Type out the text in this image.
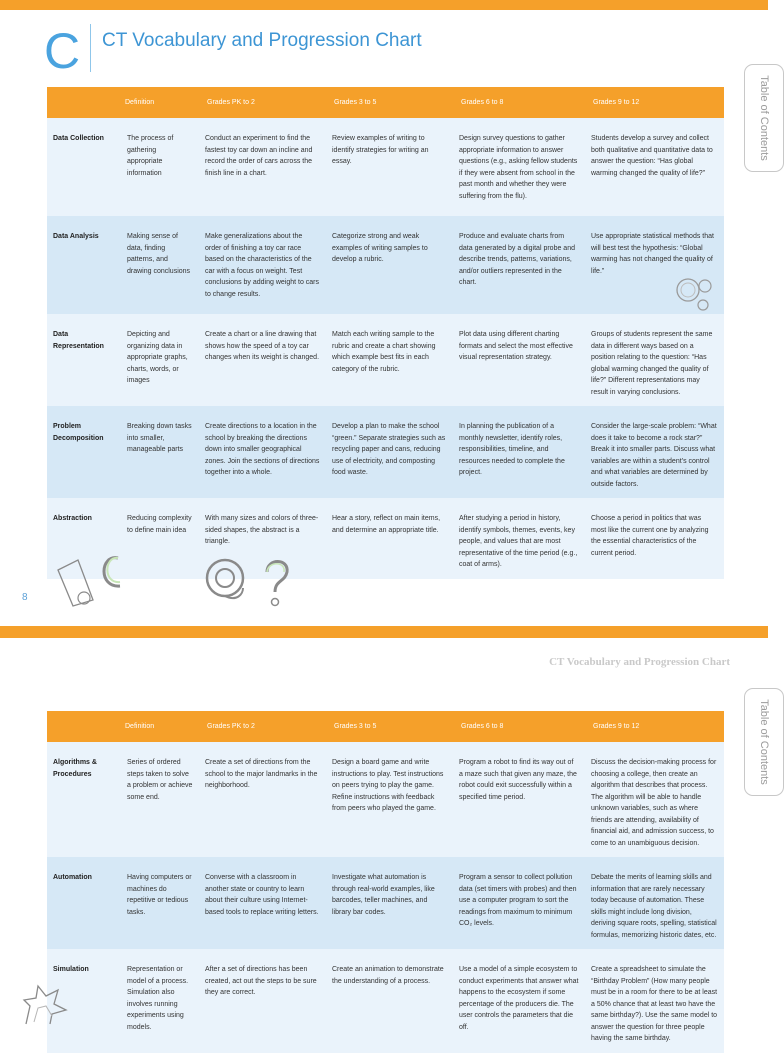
C CT Vocabulary and Progression Chart
Table of Contents
	Definition	Grades PK to 2	Grades 3 to 5	Grades 6 to 8	Grades 9 to 12
Data Collection	The process of gathering appropriate information	Conduct an experiment to find the fastest toy car down an incline and record the order of cars across the finish line in a chart.	Review examples of writing to identify strategies for writing an essay.	Design survey questions to gather appropriate information to answer questions (e.g., asking fellow students if they were absent from school in the past month and whether they were suffering from the flu).	Students develop a survey and collect both qualitative and quantitative data to answer the question: “Has global warming changed the quality of life?”
Data Analysis	Making sense of data, finding patterns, and drawing conclusions	Make generalizations about the order of finishing a toy car race based on the characteristics of the car with a focus on weight. Test conclusions by adding weight to cars to change results.	Categorize strong and weak examples of writing samples to develop a rubric.	Produce and evaluate charts from data generated by a digital probe and describe trends, patterns, variations, and/or outliers represented in the chart.	Use appropriate statistical methods that will best test the hypothesis: “Global warming has not changed the quality of life.”
Data Representation	Depicting and organizing data in appropriate graphs, charts, words, or images	Create a chart or a line drawing that shows how the speed of a toy car changes when its weight is changed.	Match each writing sample to the rubric and create a chart showing which example best fits in each category of the rubric.	Plot data using different charting formats and select the most effective visual representation strategy.	Groups of students represent the same data in different ways based on a position relating to the question: “Has global warming changed the quality of life?” Different representations may result in varying conclusions.
Problem Decomposition	Breaking down tasks into smaller, manageable parts	Create directions to a location in the school by breaking the directions down into smaller geographical zones. Join the sections of directions together into a whole.	Develop a plan to make the school “green.” Separate strategies such as recycling paper and cans, reducing use of electricity, and composting food waste.	In planning the publication of a monthly newsletter, identify roles, responsibilities, timeline, and resources needed to complete the project.	Consider the large-scale problem: “What does it take to become a rock star?” Break it into smaller parts. Discuss what variables are within a student’s control and what variables are determined by outside factors.
Abstraction	Reducing complexity to define main idea	With many sizes and colors of three-sided shapes, the abstract is a triangle.	Hear a story, reflect on main items, and determine an appropriate title.	After studying a period in history, identify symbols, themes, events, key people, and values that are most representative of the time period (e.g., coat of arms).	Choose a period in politics that was most like the current one by analyzing the essential characteristics of the current period.
8
CT Vocabulary and Progression Chart
Table of Contents
	Definition	Grades PK to 2	Grades 3 to 5	Grades 6 to 8	Grades 9 to 12
Algorithms & Procedures	Series of ordered steps taken to solve a problem or achieve some end.	Create a set of directions from the school to the major landmarks in the neighborhood.	Design a board game and write instructions to play. Test instructions on peers trying to play the game. Refine instructions with feedback from peers who played the game.	Program a robot to find its way out of a maze such that given any maze, the robot could exit successfully within a specified time period.	Discuss the decision-making process for choosing a college, then create an algorithm that describes that process. The algorithm will be able to handle unknown variables, such as where friends are attending, availability of financial aid, and admission success, to come to an unambiguous decision.
Automation	Having computers or machines do repetitive or tedious tasks.	Converse with a classroom in another state or country to learn about their culture using Internet-based tools to replace writing letters.	Investigate what automation is through real-world examples, like barcodes, teller machines, and library bar codes.	Program a sensor to collect pollution data (set timers with probes) and then use a computer program to sort the readings from maximum to minimum CO₂ levels.	Debate the merits of learning skills and information that are rarely necessary today because of automation. These skills might include long division, deriving square roots, spelling, statistical formulas, memorizing historic dates, etc.
Simulation	Representation or model of a process. Simulation also involves running experiments using models.	After a set of directions has been created, act out the steps to be sure they are correct.	Create an animation to demonstrate the understanding of a process.	Use a model of a simple ecosystem to conduct experiments that answer what happens to the ecosystem if some percentage of the producers die. The user controls the parameters that die off.	Create a spreadsheet to simulate the “Birthday Problem” (How many people must be in a room for there to be at least a 50% chance that at least two have the same birthday?). Use the same model to answer the question for three people having the same birthday.
